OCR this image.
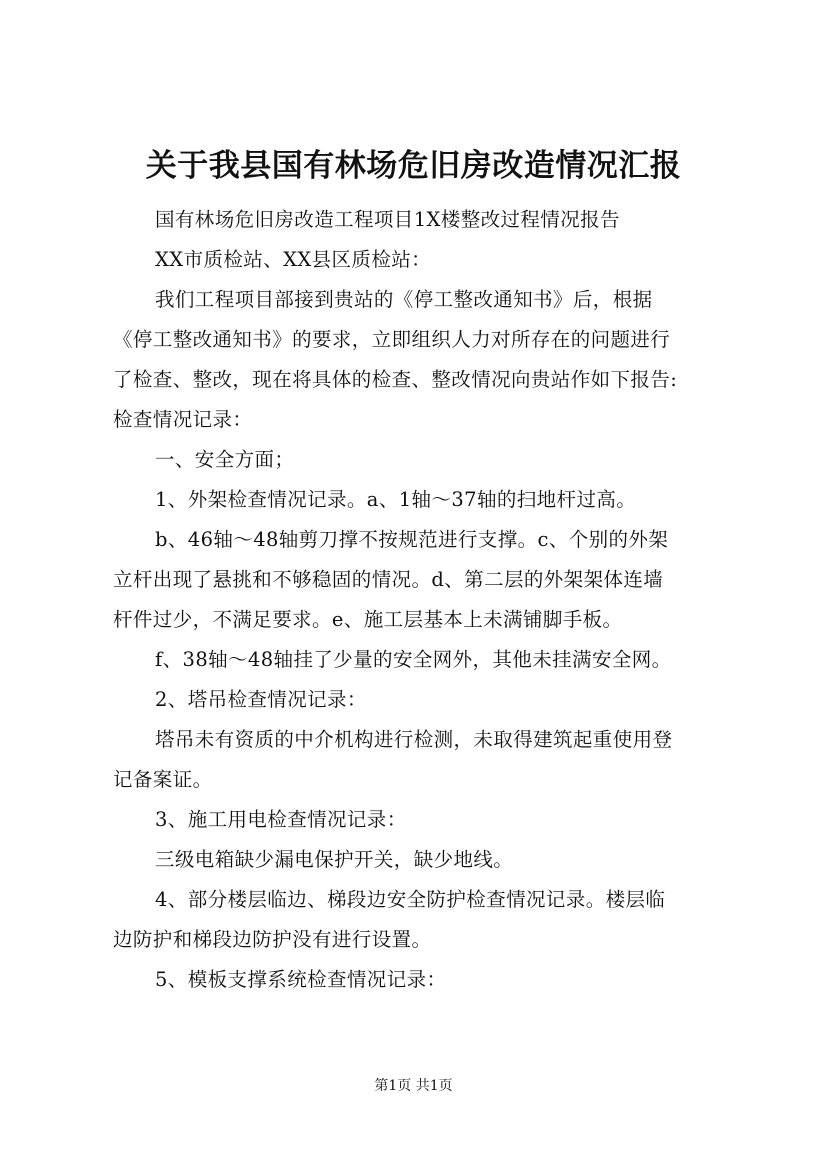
关于我县国有林场危旧房改造情况汇报
国有林场危旧房改造工程项目1X楼整改过程情况报告
XX市质检站、XX县区质检站：
我们工程项目部接到贵站的《停工整改通知书》后，根据
《停工整改通知书》的要求，立即组织人力对所存在的问题进行
了检查、整改，现在将具体的检查、整改情况向贵站作如下报告:
检查情况记录：
一、安全方面；
1、外架检查情况记录。a、1轴～37轴的扫地杆过高。
b、46轴～48轴剪刀撑不按规范进行支撑。c、个别的外架
立杆出现了悬挑和不够稳固的情况。d、第二层的外架架体连墙
杆件过少，不满足要求。e、施工层基本上未满铺脚手板。
f、38轴～48轴挂了少量的安全网外，其他未挂满安全网。
2、塔吊检查情况记录：
塔吊未有资质的中介机构进行检测，未取得建筑起重使用登
记备案证。
3、施工用电检查情况记录：
三级电箱缺少漏电保护开关，缺少地线。
4、部分楼层临边、梯段边安全防护检查情况记录。楼层临
边防护和梯段边防护没有进行设置。
5、模板支撑系统检查情况记录：
第1页 共1页
